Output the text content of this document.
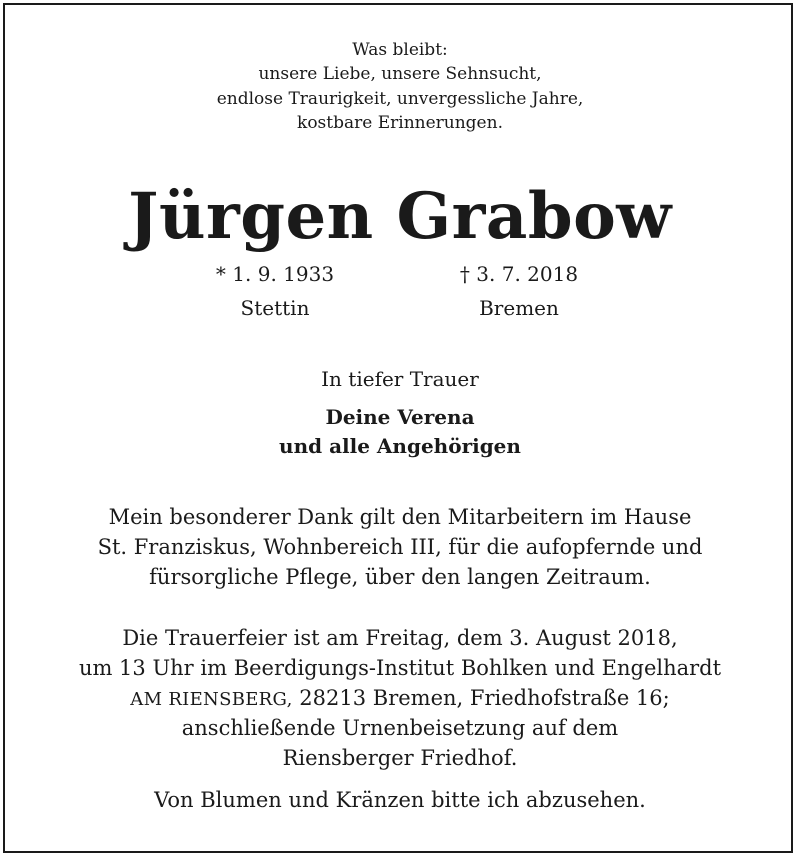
Was bleibt:
unsere Liebe, unsere Sehnsucht,
endlose Traurigkeit, unvergessliche Jahre,
kostbare Erinnerungen.
Jürgen Grabow
* 1. 9. 1933
Stettin
† 3. 7. 2018
Bremen
In tiefer Trauer
Deine Verena
und alle Angehörigen
Mein besonderer Dank gilt den Mitarbeitern im Hause
St. Franziskus, Wohnbereich III, für die aufopfernde und
fürsorgliche Pflege, über den langen Zeitraum.
Die Trauerfeier ist am Freitag, dem 3. August 2018,
um 13 Uhr im Beerdigungs-Institut Bohlken und Engelhardt
AM RIENSBERG, 28213 Bremen, Friedhofstraße 16;
anschließende Urnenbeisetzung auf dem
Riensberger Friedhof.
Von Blumen und Kränzen bitte ich abzusehen.
